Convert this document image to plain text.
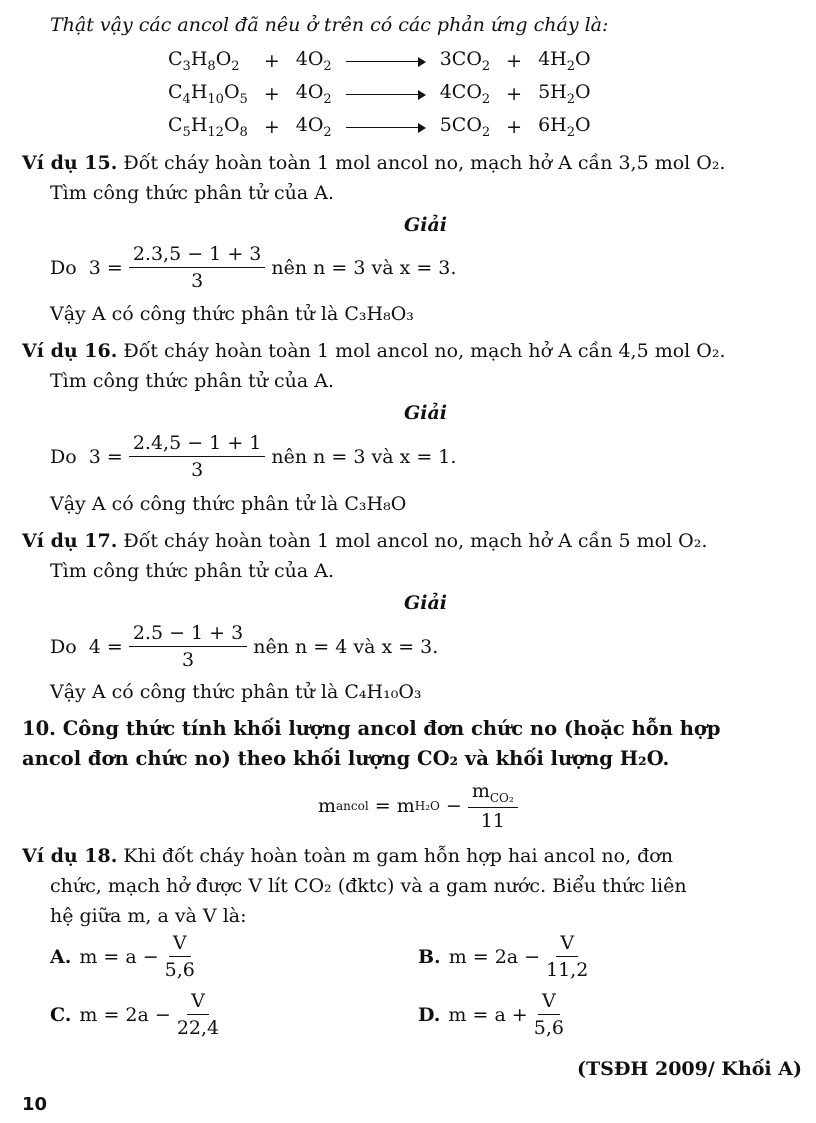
Thật vậy các ancol đã nêu ở trên có các phản ứng cháy là:
$C_3H_8O_2$	+	$4O_2$		$3CO_2$	+	$4H_2O$
$C_4H_{10}O_5$	+	$4O_2$		$4CO_2$	+	$5H_2O$
$C_5H_{12}O_8$	+	$4O_2$		$5CO_2$	+	$6H_2O$
Ví dụ 15. Đốt cháy hoàn toàn 1 mol ancol no, mạch hở A cần 3,5 mol O₂.
Tìm công thức phân tử của A.
Giải
Do
$3 = \frac{2.3,5 - 1 + 3}{3}$ nên n = 3 và x = 3.
Vậy A có công thức phân tử là C₃H₈O₃
Ví dụ 16. Đốt cháy hoàn toàn 1 mol ancol no, mạch hở A cần 4,5 mol O₂.
Tìm công thức phân tử của A.
Giải
Do
$3 = \frac{2.4,5 - 1 + 1}{3}$ nên n = 3 và x = 1.
Vậy A có công thức phân tử là C₃H₈O
Ví dụ 17. Đốt cháy hoàn toàn 1 mol ancol no, mạch hở A cần 5 mol O₂.
Tìm công thức phân tử của A.
Giải
Do
$4 = \frac{2.5 - 1 + 3}{3}$ nên n = 4 và x = 3.
Vậy A có công thức phân tử là C₄H₁₀O₃
10. Công thức tính khối lượng ancol đơn chức no (hoặc hỗn hợp
ancol đơn chức no) theo khối lượng CO₂ và khối lượng H₂O.
m ancol
=
m H₂O
− $\frac{m_{CO_2}}{11}$
Ví dụ 18. Khi đốt cháy hoàn toàn m gam hỗn hợp hai ancol no, đơn
chức, mạch hở được V lít CO₂ (đktc) và a gam nước. Biểu thức liên
hệ giữa m, a và V là:
A. $m = a - \frac{V}{5,6}$	B. $m = 2a - \frac{V}{11,2}$
C. $m = 2a - \frac{V}{22,4}$	D. $m = a + \frac{V}{5,6}$
(TSĐH 2009/ Khối A)
10
